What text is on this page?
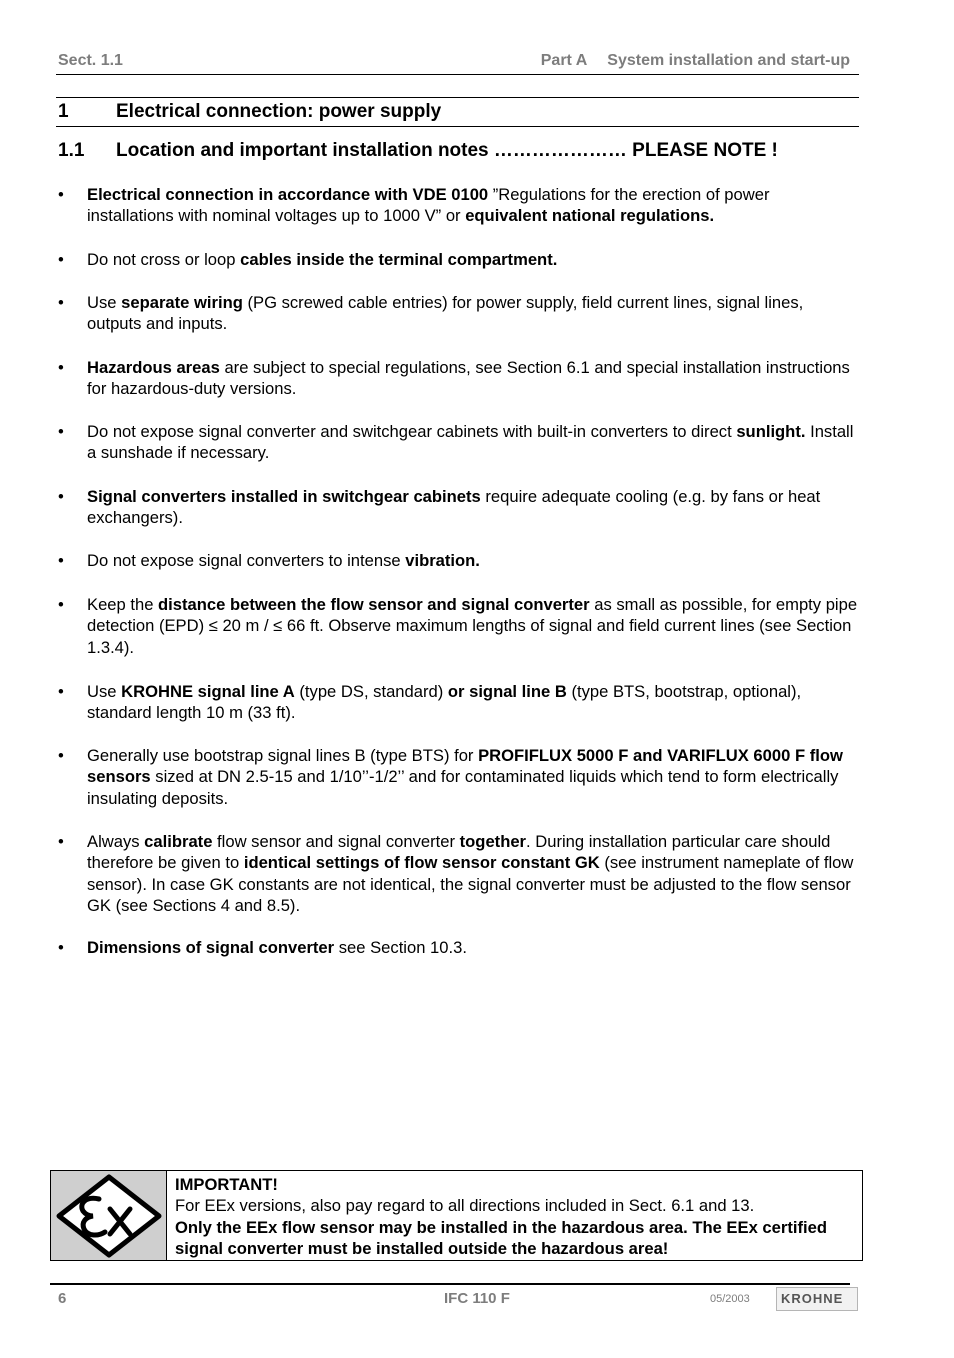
Sect. 1.1	Part A System installation and start-up
1 Electrical connection: power supply
1.1 Location and important installation notes ………………… PLEASE NOTE !
•	Electrical connection in accordance with VDE 0100 ”Regulations for the erection of power installations with nominal voltages up to 1000 V” or equivalent national regulations.
•	Do not cross or loop cables inside the terminal compartment.
•	Use separate wiring (PG screwed cable entries) for power supply, field current lines, signal lines, outputs and inputs.
•	Hazardous areas are subject to special regulations, see Section 6.1 and special installation instructions for hazardous-duty versions.
•	Do not expose signal converter and switchgear cabinets with built-in converters to direct sunlight. Install a sunshade if necessary.
•	Signal converters installed in switchgear cabinets require adequate cooling (e.g. by fans or heat exchangers).
•	Do not expose signal converters to intense vibration.
•	Keep the distance between the flow sensor and signal converter as small as possible, for empty pipe detection (EPD) ≤ 20 m / ≤ 66 ft. Observe maximum lengths of signal and field current lines (see Section 1.3.4).
•	Use KROHNE signal line A (type DS, standard) or signal line B (type BTS, bootstrap, optional), standard length 10 m (33 ft).
•	Generally use bootstrap signal lines B (type BTS) for PROFIFLUX 5000 F and VARIFLUX 6000 F flow sensors sized at DN 2.5-15 and 1/10’’-1/2’’ and for contaminated liquids which tend to form electrically insulating deposits.
•	Always calibrate flow sensor and signal converter together. During installation particular care should therefore be given to identical settings of flow sensor constant GK (see instrument nameplate of flow sensor). In case GK constants are not identical, the signal converter must be adjusted to the flow sensor GK (see Sections 4 and 8.5).
•	Dimensions of signal converter see Section 10.3.
IMPORTANT!
For EEx versions, also pay regard to all directions included in Sect. 6.1 and 13.
Only the EEx flow sensor may be installed in the hazardous area. The EEx certified signal converter must be installed outside the hazardous area!
6	IFC 110 F	05/2003 KROHNE
